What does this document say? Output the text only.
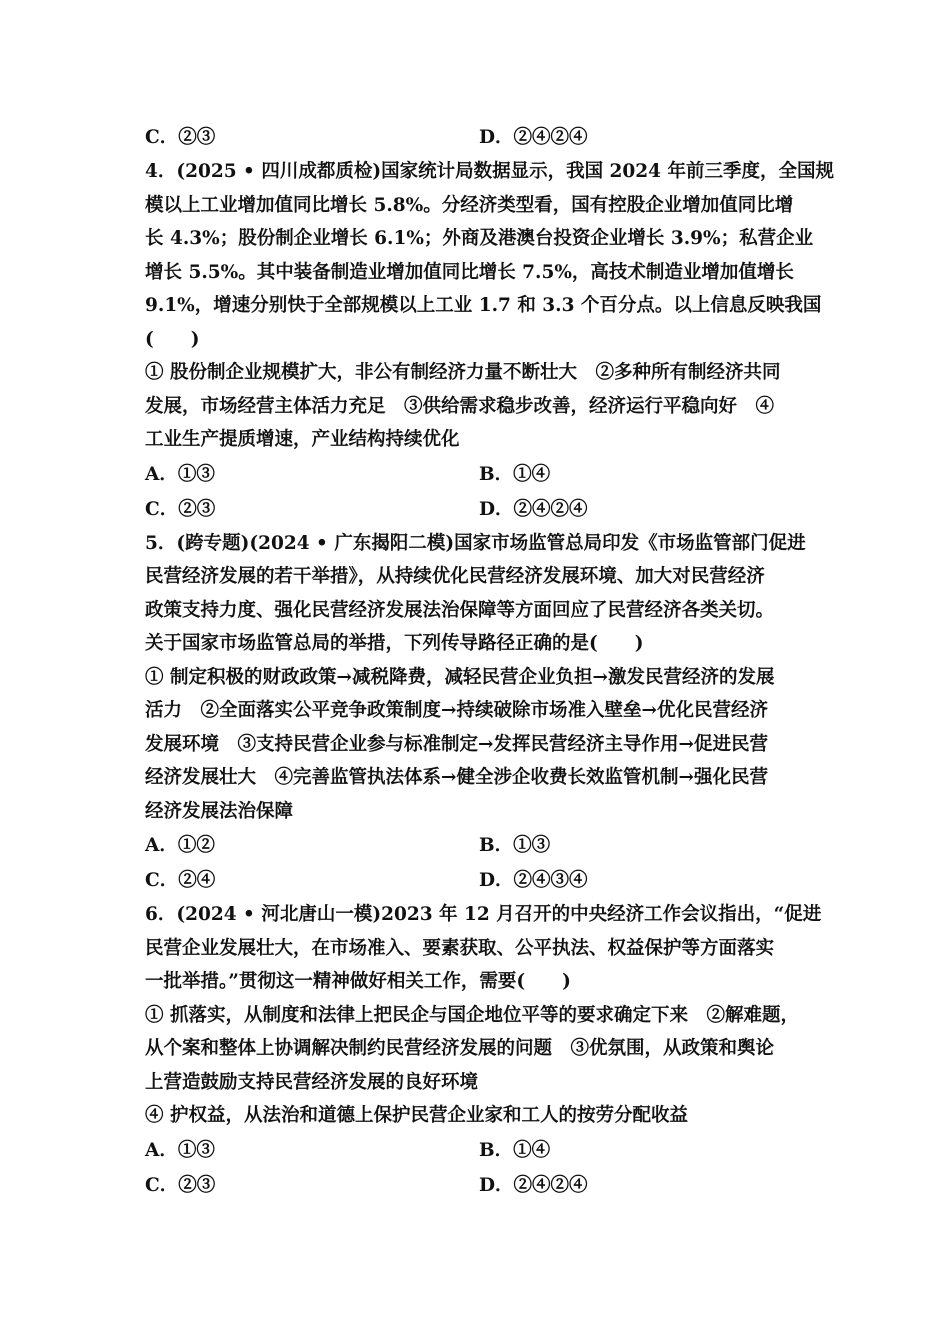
C．②③	D．②④②④
4．(2025 • 四川成都质检)国家统计局数据显示，我国 2024 年前三季度，全国规
模以上工业增加值同比增长 5.8%。分经济类型看，国有控股企业增加值同比增
长 4.3%；股份制企业增长 6.1%；外商及港澳台投资企业增长 3.9%；私营企业
增长 5.5%。其中装备制造业增加值同比增长 7.5%，高技术制造业增加值增长
9.1%，增速分别快于全部规模以上工业 1.7 和 3.3 个百分点。以上信息反映我国
(　　)
① 股份制企业规模扩大，非公有制经济力量不断壮大　②多种所有制经济共同
发展，市场经营主体活力充足　③供给需求稳步改善，经济运行平稳向好　④
工业生产提质增速，产业结构持续优化
A．①③	B．①④
C．②③	D．②④②④
5．(跨专题)(2024 • 广东揭阳二模)国家市场监管总局印发《市场监管部门促进
民营经济发展的若干举措》，从持续优化民营经济发展环境、加大对民营经济
政策支持力度、强化民营经济发展法治保障等方面回应了民营经济各类关切。
关于国家市场监管总局的举措，下列传导路径正确的是(　　)
① 制定积极的财政政策→减税降费，减轻民营企业负担→激发民营经济的发展
活力　②全面落实公平竞争政策制度→持续破除市场准入壁垒→优化民营经济
发展环境　③支持民营企业参与标准制定→发挥民营经济主导作用→促进民营
经济发展壮大　④完善监管执法体系→健全涉企收费长效监管机制→强化民营
经济发展法治保障
A．①②	B．①③
C．②④	D．②④③④
6．(2024 • 河北唐山一模)2023 年 12 月召开的中央经济工作会议指出，“促进
民营企业发展壮大，在市场准入、要素获取、公平执法、权益保护等方面落实
一批举措。”贯彻这一精神做好相关工作，需要(　　)
① 抓落实，从制度和法律上把民企与国企地位平等的要求确定下来　②解难题，
从个案和整体上协调解决制约民营经济发展的问题　③优氛围，从政策和舆论
上营造鼓励支持民营经济发展的良好环境
④ 护权益，从法治和道德上保护民营企业家和工人的按劳分配收益
A．①③	B．①④
C．②③	D．②④②④
